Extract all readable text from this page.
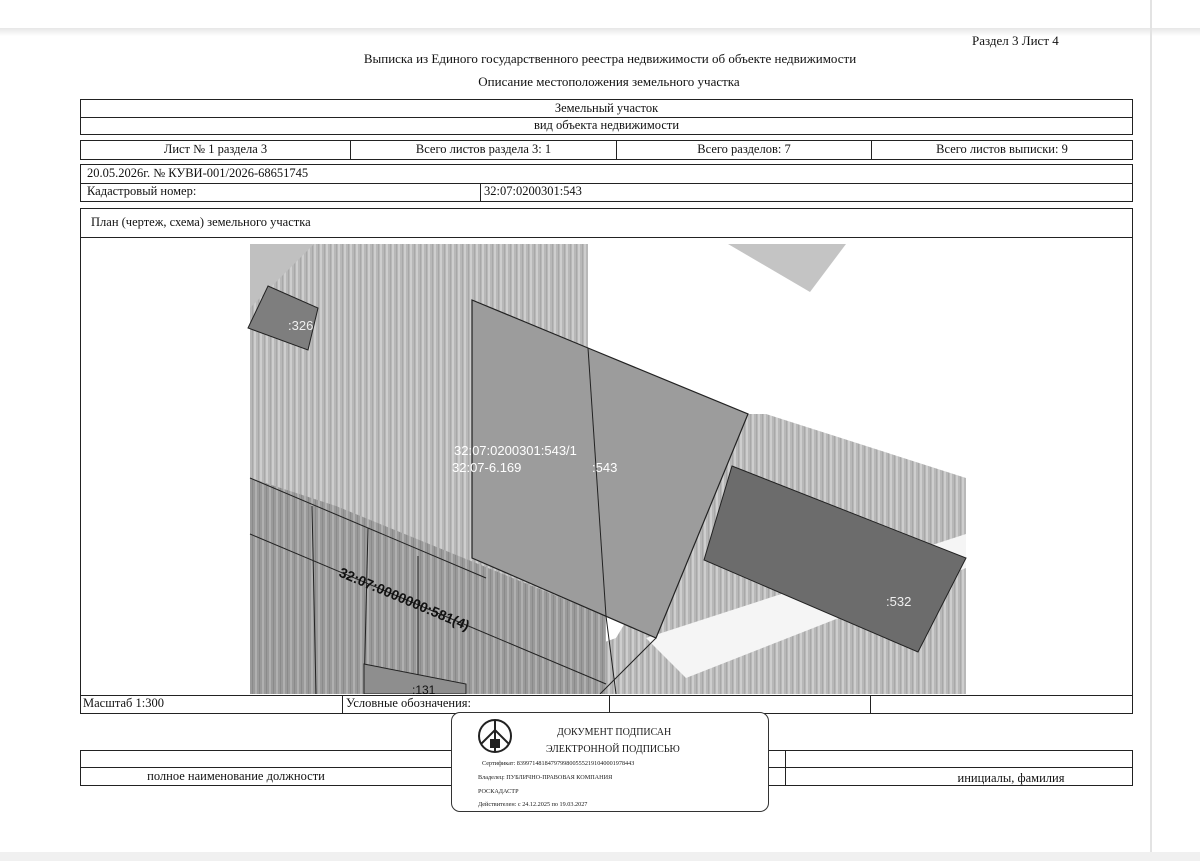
Раздел 3 Лист 4
Выписка из Единого государственного реестра недвижимости об объекте недвижимости
Описание местоположения земельного участка
Земельный участок
вид объекта недвижимости
Лист № 1 раздела 3	Всего листов раздела 3: 1	Всего разделов: 7	Всего листов выписки: 9
20.05.2026г. № КУВИ-001/2026-68651745
Кадастровый номер:	32:07:0200301:543
План (чертеж, схема) земельного участка
Масштаб 1:300	Условные обозначения:
:326
32:07:0200301:543/1
32:07-6.169	:543
:532
32:07:0000000:581(4)
:131
полное наименование должности	инициалы, фамилия
ДОКУМЕНТ ПОДПИСАН
ЭЛЕКТРОННОЙ ПОДПИСЬЮ
Сертификат: 8399714818479799800555219104000197844З
Владелец: ПУБЛИЧНО-ПРАВОВАЯ КОМПАНИЯ
РОСКАДАСТР
Действителен: с 24.12.2025 по 19.03.2027
